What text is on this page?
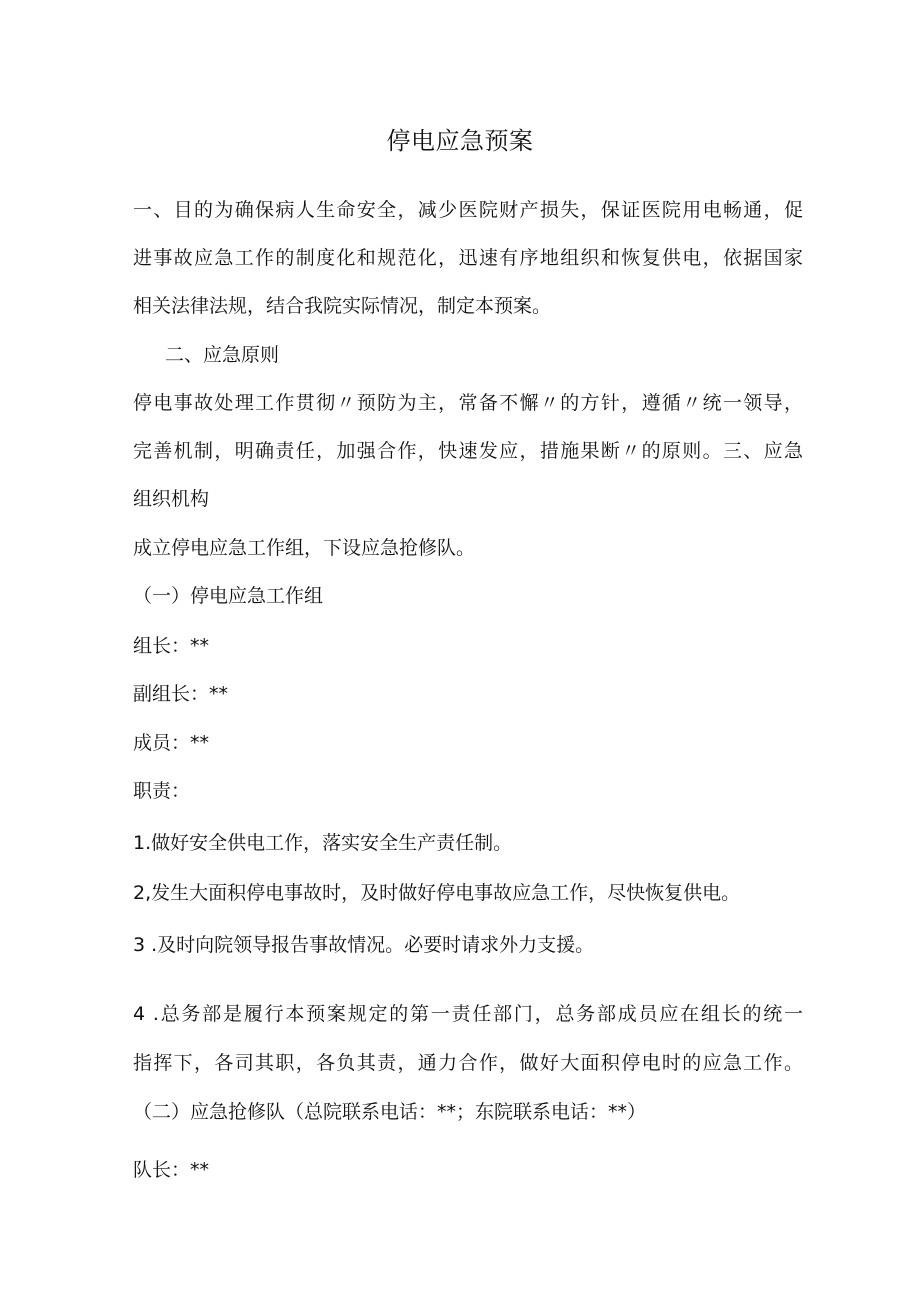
停电应急预案
一、目的为确保病人生命安全，减少医院财产损失，保证医院用电畅通，促
进事故应急工作的制度化和规范化，迅速有序地组织和恢复供电，依据国家
相关法律法规，结合我院实际情况，制定本预案。
二、应急原则
停电事故处理工作贯彻〃预防为主，常备不懈〃的方针，遵循〃统一领导，
完善机制，明确责任，加强合作，快速发应，措施果断〃的原则。三、应急
组织机构
成立停电应急工作组，下设应急抢修队。
（一）停电应急工作组
组长：**
副组长：**
成员：**
职责：
1.做好安全供电工作，落实安全生产责任制。
2,发生大面积停电事故时，及时做好停电事故应急工作，尽快恢复供电。
3 .及时向院领导报告事故情况。必要时请求外力支援。
4 .总务部是履行本预案规定的第一责任部门，总务部成员应在组长的统一
指挥下，各司其职，各负其责，通力合作，做好大面积停电时的应急工作。
（二）应急抢修队（总院联系电话：**；东院联系电话：**）
队长：**
